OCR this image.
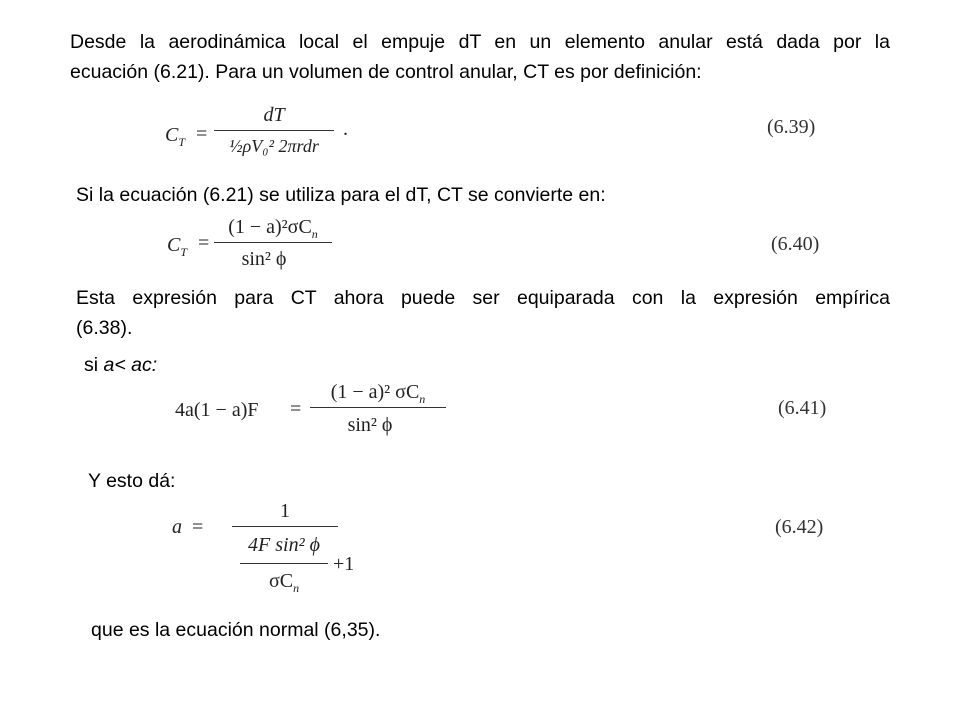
Desde la aerodinámica local el empuje dT en un elemento anular está dada por la
ecuación (6.21). Para un volumen de control anular, CT es por definición:
$C_T$ =
dT
½ρV₀² 2πrdr
.	(6.39)
Si la ecuación (6.21) se utiliza para el dT, CT se convierte en:
$C_T$ =
$(1 - a)^2\sigma C_n$
sin² ϕ
(6.40)
Esta expresión para CT ahora puede ser equiparada con la expresión empírica
(6.38).
si a< ac:
4a(1 − a)F =
(1 − a)² $\sigma C_n$
sin² ϕ
(6.41)
Y esto dá:
a =
1
4F sin² ϕ
$\sigma C_n$
+1
(6.42)
que es la ecuación normal (6,35).
